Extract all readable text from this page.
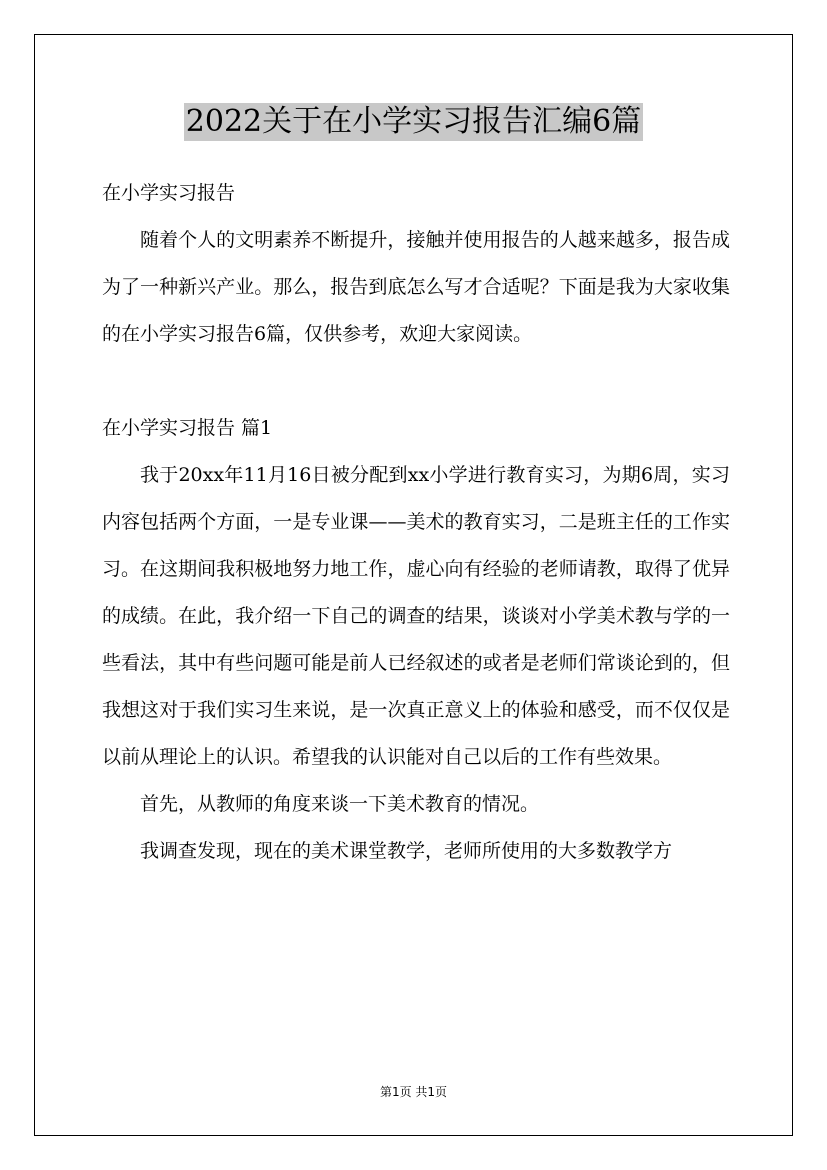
2022关于在小学实习报告汇编6篇

在小学实习报告

随着个人的文明素养不断提升，接触并使用报告的人越来越多，报告成为了一种新兴产业。那么，报告到底怎么写才合适呢？下面是我为大家收集的在小学实习报告6篇，仅供参考，欢迎大家阅读。

在小学实习报告 篇1

我于20xx年11月16日被分配到xx小学进行教育实习，为期6周，实习内容包括两个方面，一是专业课——美术的教育实习，二是班主任的工作实习。在这期间我积极地努力地工作，虚心向有经验的老师请教，取得了优异的成绩。在此，我介绍一下自己的调查的结果，谈谈对小学美术教与学的一些看法，其中有些问题可能是前人已经叙述的或者是老师们常谈论到的，但我想这对于我们实习生来说，是一次真正意义上的体验和感受，而不仅仅是以前从理论上的认识。希望我的认识能对自己以后的工作有些效果。

首先，从教师的角度来谈一下美术教育的情况。

我调查发现，现在的美术课堂教学，老师所使用的大多数教学方

第1页 共1页
